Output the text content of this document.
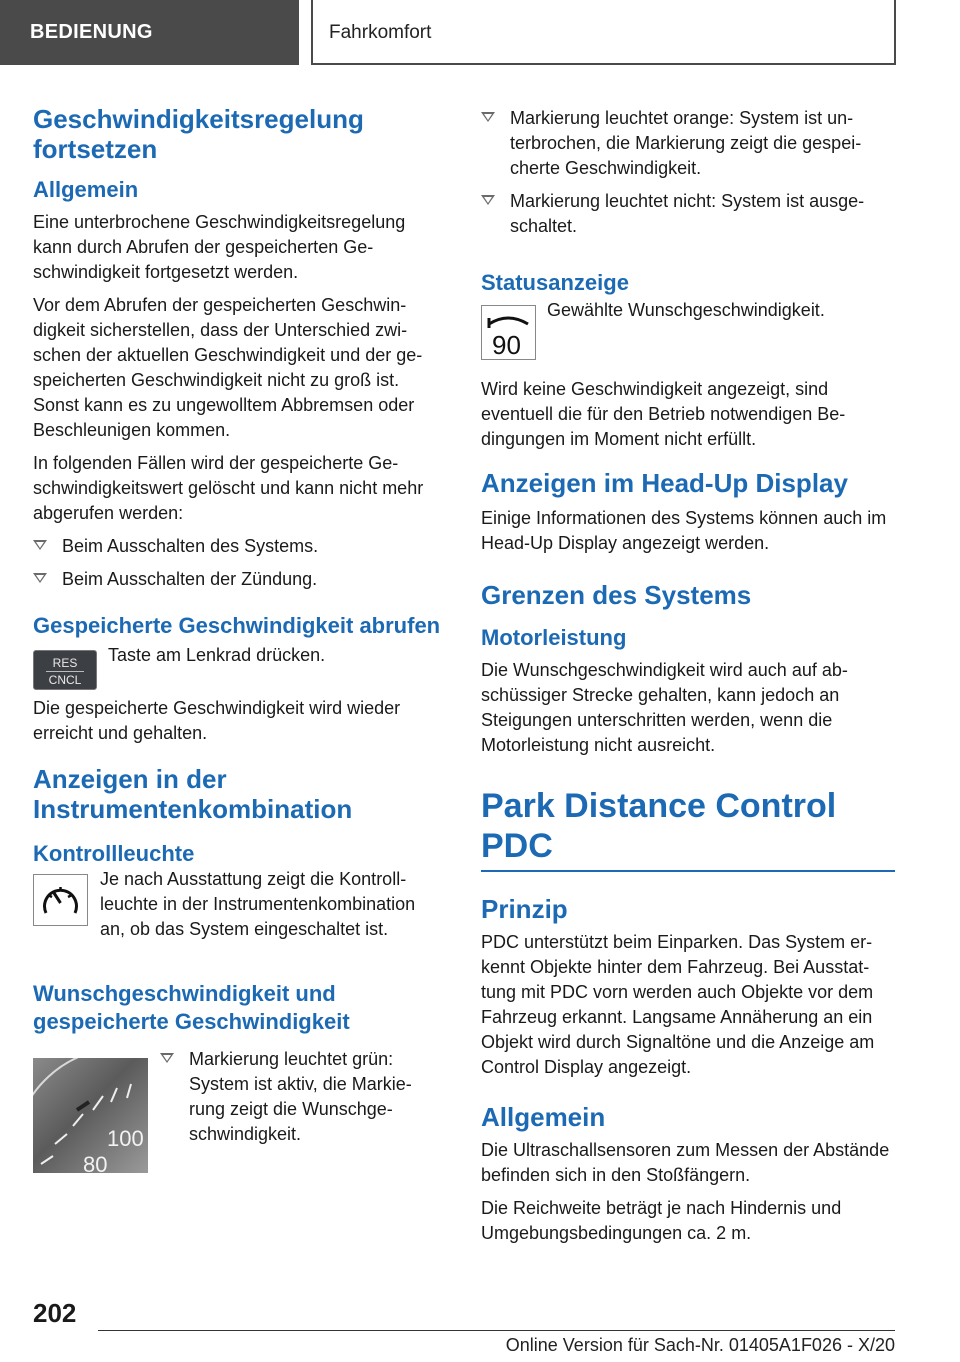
BEDIENUNG	Fahrkomfort
Geschwindigkeitsregelung fortsetzen
Allgemein

Eine unterbrochene Geschwindigkeitsregelung kann durch Abrufen der gespeicherten Geschwindigkeit fortgesetzt werden.

Vor dem Abrufen der gespeicherten Geschwindigkeit sicherstellen, dass der Unterschied zwischen der aktuellen Geschwindigkeit und der gespeicherten Geschwindigkeit nicht zu groß ist. Sonst kann es zu ungewolltem Abbremsen oder Beschleunigen kommen.

In folgenden Fällen wird der gespeicherte Geschwindigkeitswert gelöscht und kann nicht mehr abgerufen werden:

Beim Ausschalten des Systems.
Beim Ausschalten der Zündung.
Gespeicherte Geschwindigkeit abrufen
RES
CNCL

Taste am Lenkrad drücken.

Die gespeicherte Geschwindigkeit wird wieder erreicht und gehalten.

Anzeigen in der Instrumentenkombination
Kontrollleuchte

Je nach Ausstattung zeigt die Kontrollleuchte in der Instrumentenkombination an, ob das System eingeschaltet ist.

Wunschgeschwindigkeit und gespeicherte Geschwindigkeit
100
80
Markierung leuchtet grün: System ist aktiv, die Markierung zeigt die Wunschgeschwindigkeit.
Markierung leuchtet orange: System ist unterbrochen, die Markierung zeigt die gespeicherte Geschwindigkeit.
Markierung leuchtet nicht: System ist ausgeschaltet.
Statusanzeige
90

Gewählte Wunschgeschwindigkeit.

Wird keine Geschwindigkeit angezeigt, sind eventuell die für den Betrieb notwendigen Bedingungen im Moment nicht erfüllt.

Anzeigen im Head-Up Display

Einige Informationen des Systems können auch im Head-Up Display angezeigt werden.

Grenzen des Systems
Motorleistung

Die Wunschgeschwindigkeit wird auch auf abschüssiger Strecke gehalten, kann jedoch an Steigungen unterschritten werden, wenn die Motorleistung nicht ausreicht.

Park Distance Control PDC
Prinzip

PDC unterstützt beim Einparken. Das System erkennt Objekte hinter dem Fahrzeug. Bei Ausstattung mit PDC vorn werden auch Objekte vor dem Fahrzeug erkannt. Langsame Annäherung an ein Objekt wird durch Signaltöne und die Anzeige am Control Display angezeigt.

Allgemein

Die Ultraschallsensoren zum Messen der Abstände befinden sich in den Stoßfängern.

Die Reichweite beträgt je nach Hindernis und Umgebungsbedingungen ca. 2 m.

202
Online Version für Sach-Nr. 01405A1F026 - X/20
